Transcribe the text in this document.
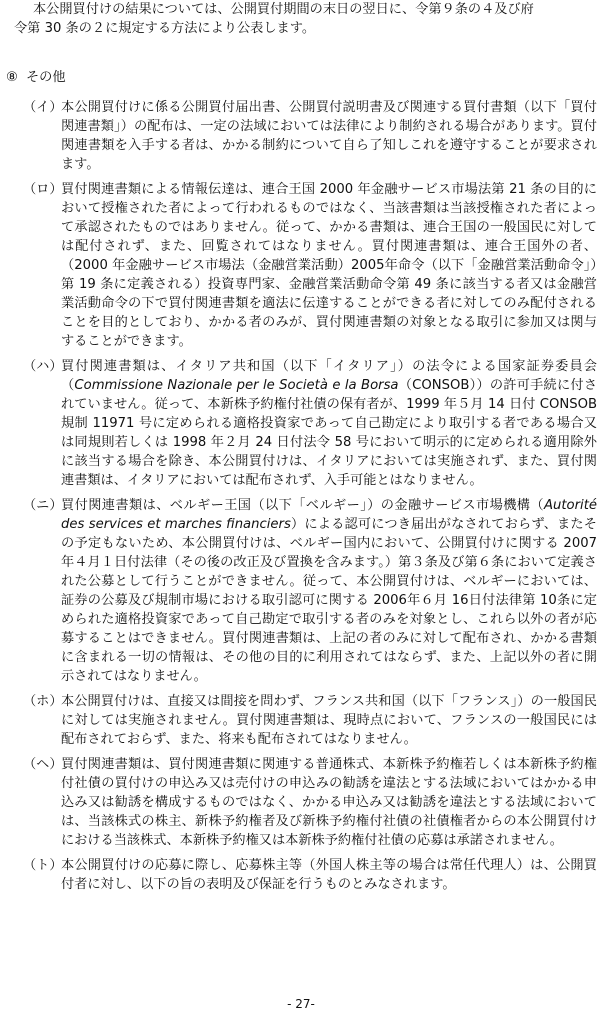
本公開買付けの結果については、公開買付期間の末日の翌日に、令第９条の４及び府
令第 30 条の２に規定する方法により公表します。
⑧ その他
（イ）
本公開買付けに係る公開買付届出書、公開買付説明書及び関連する買付書類（以下「買付関連書類」）の配布は、一定の法域においては法律により制約される場合があります。買付関連書類を入手する者は、かかる制約について自ら了知しこれを遵守することが要求されます。
（ロ）
買付関連書類による情報伝達は、連合王国 2000 年金融サービス市場法第 21 条の目的において授権された者によって行われるものではなく、当該書類は当該授権された者によって承認されたものではありません。従って、かかる書類は、連合王国の一般国民に対しては配付されず、また、回覧されてはなりません。買付関連書類は、連合王国外の者、（2000 年金融サービス市場法（金融営業活動）2005年命令（以下「金融営業活動命令」）第 19 条に定義される）投資専門家、金融営業活動命令第 49 条に該当する者又は金融営業活動命令の下で買付関連書類を適法に伝達することができる者に対してのみ配付されることを目的としており、かかる者のみが、買付関連書類の対象となる取引に参加又は関与することができます。
（ハ）
買付関連書類は、イタリア共和国（以下「イタリア」）の法令による国家証券委員会（Commissione Nazionale per le Società e la Borsa（CONSOB））の許可手続に付されていません。従って、本新株予約権付社債の保有者が、1999 年５月 14 日付 CONSOB 規制 11971 号に定められる適格投資家であって自己勘定により取引する者である場合又は同規則若しくは 1998 年２月 24 日付法令 58 号において明示的に定められる適用除外に該当する場合を除き、本公開買付けは、イタリアにおいては実施されず、また、買付関連書類は、イタリアにおいては配布されず、入手可能とはなりません。
（ニ）
買付関連書類は、ベルギー王国（以下「ベルギー」）の金融サービス市場機構（Autorité des services et marches financiers）による認可につき届出がなされておらず、またその予定もないため、本公開買付けは、ベルギー国内において、公開買付けに関する 2007 年４月１日付法律（その後の改正及び置換を含みます。）第３条及び第６条において定義された公募として行うことができません。従って、本公開買付けは、ベルギーにおいては、証券の公募及び規制市場における取引認可に関する 2006年６月 16日付法律第 10条に定められた適格投資家であって自己勘定で取引する者のみを対象とし、これら以外の者が応募することはできません。買付関連書類は、上記の者のみに対して配布され、かかる書類に含まれる一切の情報は、その他の目的に利用されてはならず、また、上記以外の者に開示されてはなりません。
（ホ）
本公開買付けは、直接又は間接を問わず、フランス共和国（以下「フランス」）の一般国民に対しては実施されません。買付関連書類は、現時点において、フランスの一般国民には配布されておらず、また、将来も配布されてはなりません。
（ヘ）
買付関連書類は、買付関連書類に関連する普通株式、本新株予約権若しくは本新株予約権付社債の買付けの申込み又は売付けの申込みの勧誘を違法とする法域においてはかかる申込み又は勧誘を構成するものではなく、かかる申込み又は勧誘を違法とする法域においては、当該株式の株主、新株予約権者及び新株予約権付社債の社債権者からの本公開買付けにおける当該株式、本新株予約権又は本新株予約権付社債の応募は承諾されません。
（ト）
本公開買付けの応募に際し、応募株主等（外国人株主等の場合は常任代理人）は、公開買付者に対し、以下の旨の表明及び保証を行うものとみなされます。
- 27-
